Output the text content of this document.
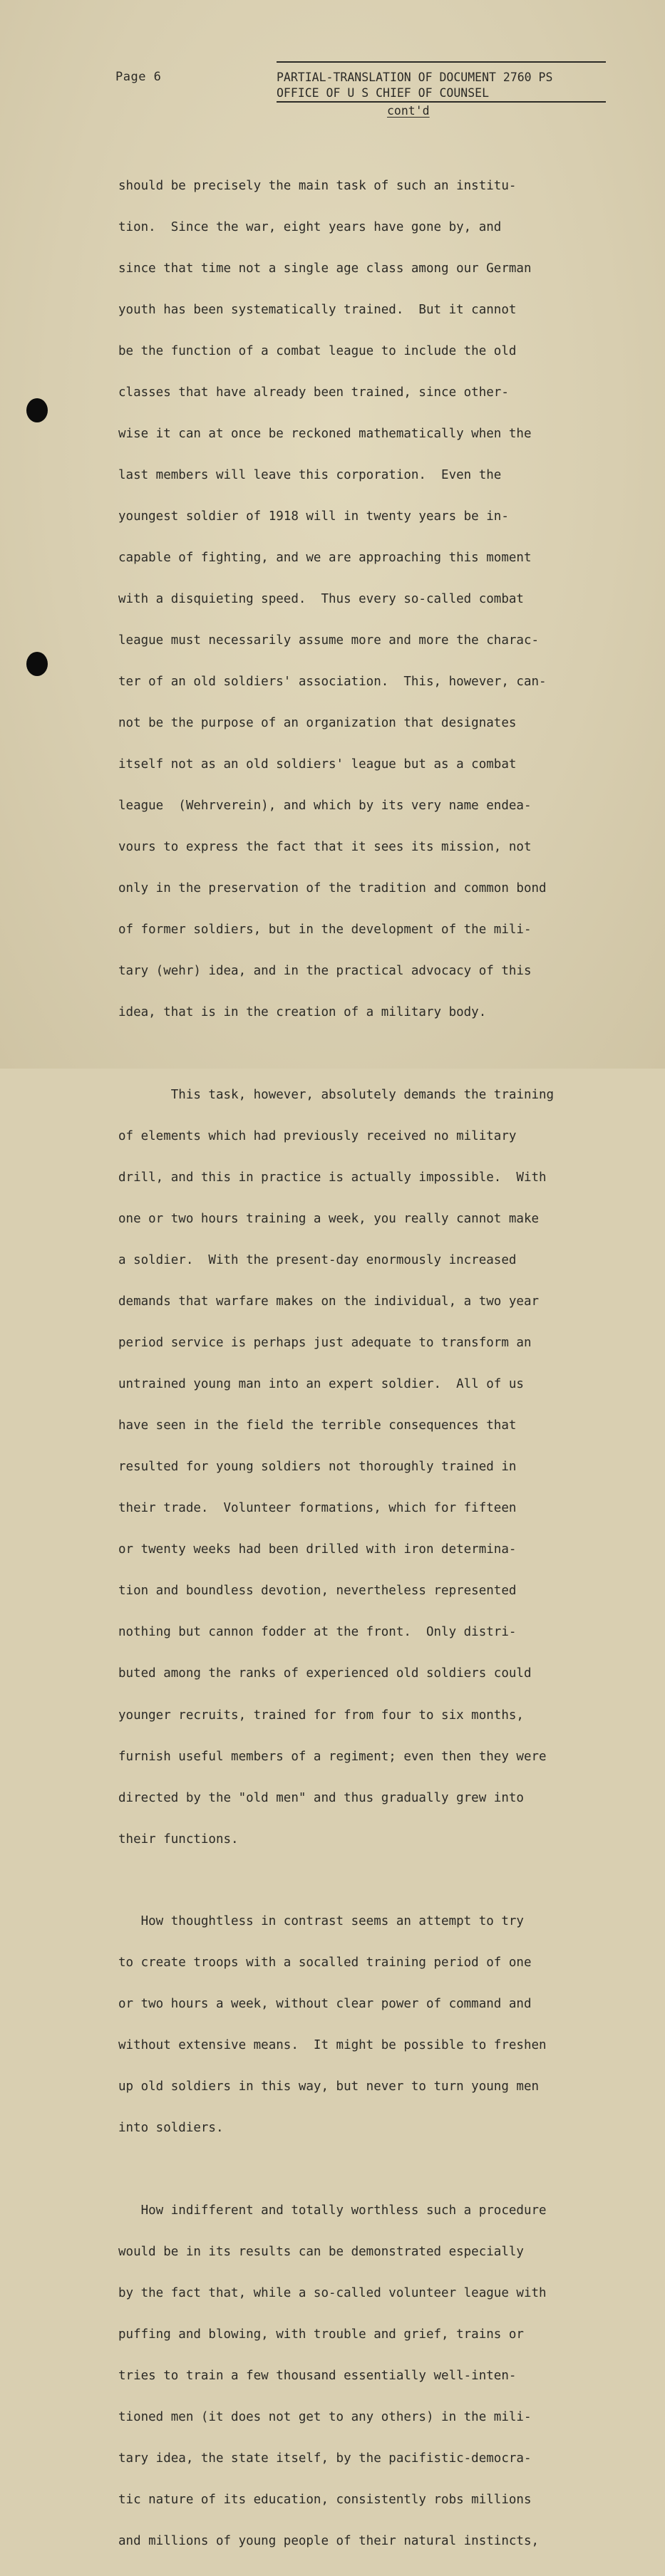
Page 6	PARTIAL-TRANSLATION OF DOCUMENT 2760 PS
OFFICE OF U S CHIEF OF COUNSEL
cont'd

should be precisely the main task of such an institu-

tion.  Since the war, eight years have gone by, and

since that time not a single age class among our German

youth has been systematically trained.  But it cannot

be the function of a combat league to include the old

classes that have already been trained, since other-

wise it can at once be reckoned mathematically when the

last members will leave this corporation.  Even the

youngest soldier of 1918 will in twenty years be in-

capable of fighting, and we are approaching this moment

with a disquieting speed.  Thus every so-called combat

league must necessarily assume more and more the charac-

ter of an old soldiers' association.  This, however, can-

not be the purpose of an organization that designates

itself not as an old soldiers' league but as a combat

league  (Wehrverein), and which by its very name endea-

vours to express the fact that it sees its mission, not

only in the preservation of the tradition and common bond

of former soldiers, but in the development of the mili-

tary (wehr) idea, and in the practical advocacy of this

idea, that is in the creation of a military body.

This task, however, absolutely demands the training

of elements which had previously received no military

drill, and this in practice is actually impossible.  With

one or two hours training a week, you really cannot make

a soldier.  With the present-day enormously increased

demands that warfare makes on the individual, a two year

period service is perhaps just adequate to transform an

untrained young man into an expert soldier.  All of us

have seen in the field the terrible consequences that

resulted for young soldiers not thoroughly trained in

their trade.  Volunteer formations, which for fifteen

or twenty weeks had been drilled with iron determina-

tion and boundless devotion, nevertheless represented

nothing but cannon fodder at the front.  Only distri-

buted among the ranks of experienced old soldiers could

younger recruits, trained for from four to six months,

furnish useful members of a regiment; even then they were

directed by the "old men" and thus gradually grew into

their functions.

How thoughtless in contrast seems an attempt to try

to create troops with a socalled training period of one

or two hours a week, without clear power of command and

without extensive means.  It might be possible to freshen

up old soldiers in this way, but never to turn young men

into soldiers.

How indifferent and totally worthless such a procedure

would be in its results can be demonstrated especially

by the fact that, while a so-called volunteer league with

puffing and blowing, with trouble and grief, trains or

tries to train a few thousand essentially well-inten-

tioned men (it does not get to any others) in the mili-

tary idea, the state itself, by the pacifistic-democra-

tic nature of its education, consistently robs millions

and millions of young people of their natural instincts,
